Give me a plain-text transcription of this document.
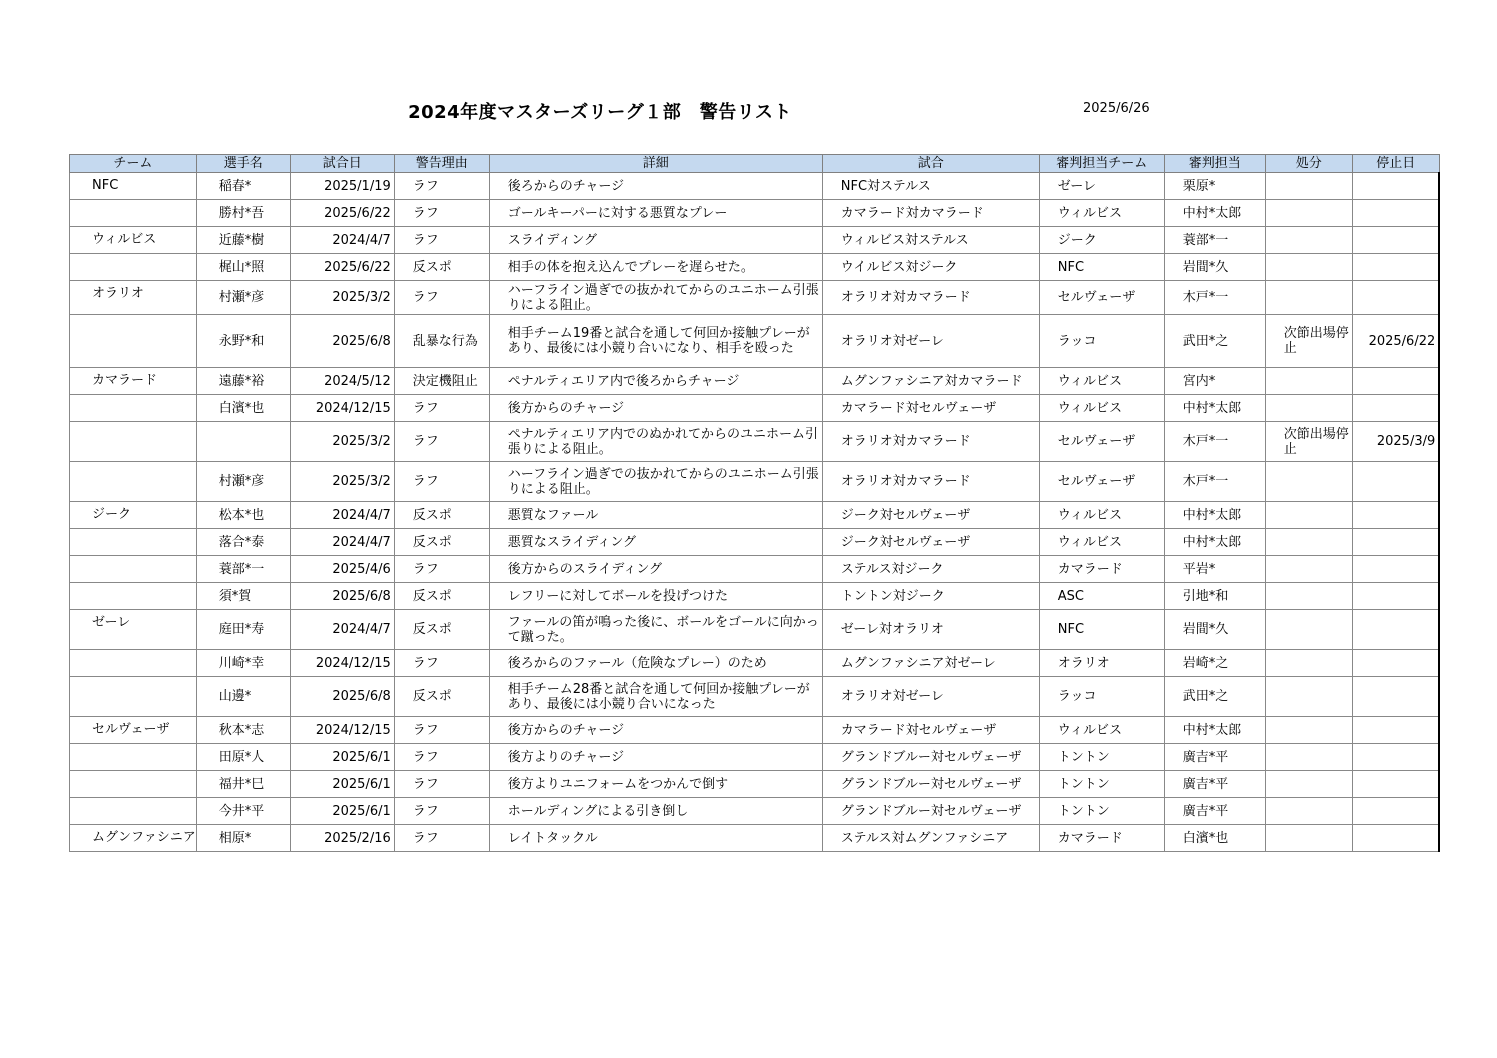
2024年度マスターズリーグ１部　警告リスト	2025/6/26
チーム	選手名	試合日	警告理由	詳細	試合	審判担当チーム	審判担当	処分	停止日
NFC	稲春*	2025/1/19	ラフ	後ろからのチャージ	NFC対ステルス	ゼーレ	栗原*		
	勝村*吾	2025/6/22	ラフ	ゴールキーパーに対する悪質なプレー	カマラード対カマラード	ウィルビス	中村*太郎		
ウィルビス	近藤*樹	2024/4/7	ラフ	スライディング	ウィルビス対ステルス	ジーク	蓑部*一		
	梶山*照	2025/6/22	反スポ	相手の体を抱え込んでプレーを遅らせた。	ウイルビス対ジーク	NFC	岩間*久		
オラリオ	村瀬*彦	2025/3/2	ラフ	ハーフライン過ぎでの抜かれてからのユニホーム引張りによる阻止。	オラリオ対カマラード	セルヴェーザ	木戸*一		
	永野*和	2025/6/8	乱暴な行為	相手チーム19番と試合を通して何回か接触プレーがあり、最後には小競り合いになり、相手を殴った	オラリオ対ゼーレ	ラッコ	武田*之	次節出場停止	2025/6/22
カマラード	遠藤*裕	2024/5/12	決定機阻止	ペナルティエリア内で後ろからチャージ	ムグンファシニア対カマラード	ウィルビス	宮内*		
	白濱*也	2024/12/15	ラフ	後方からのチャージ	カマラード対セルヴェーザ	ウィルビス	中村*太郎		
		2025/3/2	ラフ	ペナルティエリア内でのぬかれてからのユニホーム引張りによる阻止。	オラリオ対カマラード	セルヴェーザ	木戸*一	次節出場停止	2025/3/9
	村瀬*彦	2025/3/2	ラフ	ハーフライン過ぎでの抜かれてからのユニホーム引張りによる阻止。	オラリオ対カマラード	セルヴェーザ	木戸*一		
ジーク	松本*也	2024/4/7	反スポ	悪質なファール	ジーク対セルヴェーザ	ウィルビス	中村*太郎		
	落合*泰	2024/4/7	反スポ	悪質なスライディング	ジーク対セルヴェーザ	ウィルビス	中村*太郎		
	蓑部*一	2025/4/6	ラフ	後方からのスライディング	ステルス対ジーク	カマラード	平岩*		
	須*賀	2025/6/8	反スポ	レフリーに対してボールを投げつけた	トントン対ジーク	ASC	引地*和		
ゼーレ	庭田*寿	2024/4/7	反スポ	ファールの笛が鳴った後に、ボールをゴールに向かって蹴った。	ゼーレ対オラリオ	NFC	岩間*久		
	川崎*幸	2024/12/15	ラフ	後ろからのファール（危険なプレー）のため	ムグンファシニア対ゼーレ	オラリオ	岩崎*之		
	山邊*	2025/6/8	反スポ	相手チーム28番と試合を通して何回か接触プレーがあり、最後には小競り合いになった	オラリオ対ゼーレ	ラッコ	武田*之		
セルヴェーザ	秋本*志	2024/12/15	ラフ	後方からのチャージ	カマラード対セルヴェーザ	ウィルビス	中村*太郎		
	田原*人	2025/6/1	ラフ	後方よりのチャージ	グランドブルー対セルヴェーザ	トントン	廣吉*平		
	福井*巳	2025/6/1	ラフ	後方よりユニフォームをつかんで倒す	グランドブルー対セルヴェーザ	トントン	廣吉*平		
	今井*平	2025/6/1	ラフ	ホールディングによる引き倒し	グランドブルー対セルヴェーザ	トントン	廣吉*平		
ムグンファシニア	相原*	2025/2/16	ラフ	レイトタックル	ステルス対ムグンファシニア	カマラード	白濱*也		
